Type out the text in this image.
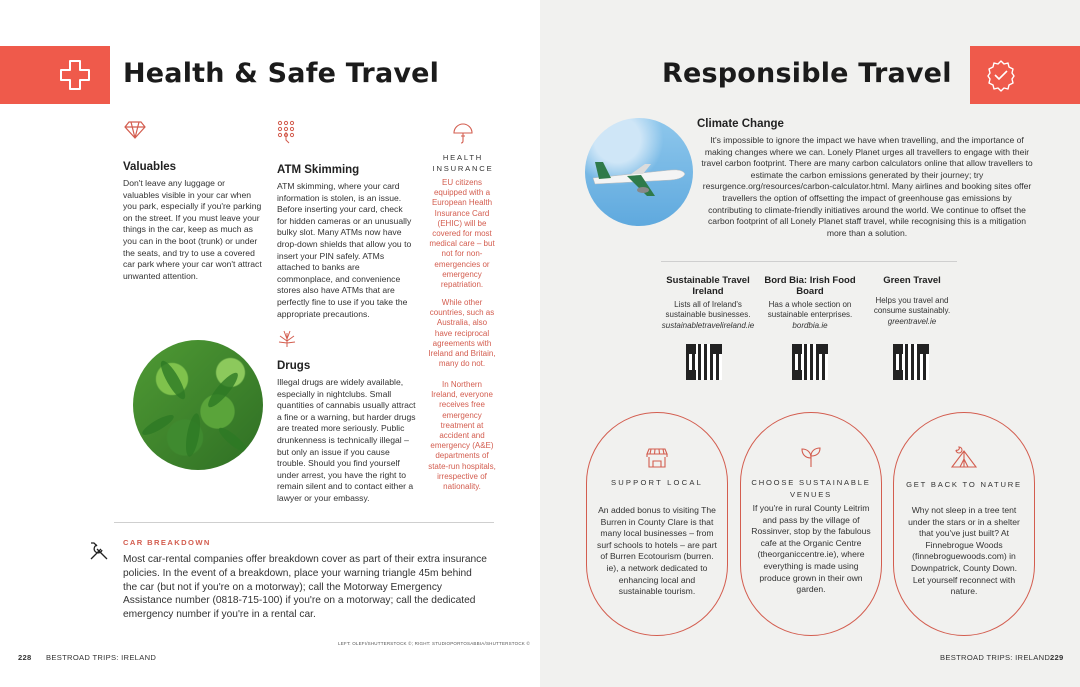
Health & Safe Travel
Valuables
Don't leave any luggage or valuables visible in your car when you park, especially if you're parking on the street. If you must leave your things in the car, keep as much as you can in the boot (trunk) or under the seats, and try to use a covered car park where your car won't attract unwanted attention.
ATM Skimming
ATM skimming, where your card information is stolen, is an issue. Before inserting your card, check for hidden cameras or an unusually bulky slot. Many ATMs now have drop-down shields that allow you to insert your PIN safely. ATMs attached to banks are commonplace, and convenience stores also have ATMs that are perfectly fine to use if you take the appropriate precautions.
Drugs
Illegal drugs are widely available, especially in nightclubs. Small quantities of cannabis usually attract a fine or a warning, but harder drugs are treated more seriously. Public drunkenness is technically illegal – but only an issue if you cause trouble. Should you find yourself under arrest, you have the right to remain silent and to contact either a lawyer or your embassy.
HEALTH INSURANCE
EU citizens equipped with a European Health Insurance Card (EHIC) will be covered for most medical care – but not for non-emergencies or emergency repatriation.
While other countries, such as Australia, also have reciprocal agreements with Ireland and Britain, many do not.
In Northern Ireland, everyone receives free emergency treatment at accident and emergency (A&E) departments of state-run hospitals, irrespective of nationality.
CAR BREAKDOWN
Most car-rental companies offer breakdown cover as part of their extra insurance policies. In the event of a breakdown, place your warning triangle 45m behind the car (but not if you're on a motorway); call the Motorway Emergency Assistance number (0818-715-100) if you're on a motorway; call the dedicated emergency number if you're in a rental car.
LEFT: OLEFI/SHUTTERSTOCK ©; RIGHT: STUDIOPORTOSABBIA/SHUTTERSTOCK ©
228 BESTROAD TRIPS: IRELAND
Responsible Travel
Climate Change
It's impossible to ignore the impact we have when travelling, and the importance of making changes where we can. Lonely Planet urges all travellers to engage with their travel carbon footprint. There are many carbon calculators online that allow travellers to estimate the carbon emissions generated by their journey; try resurgence.org/resources/carbon-calculator.html. Many airlines and booking sites offer travellers the option of offsetting the impact of greenhouse gas emissions by contributing to climate-friendly initiatives around the world. We continue to offset the carbon footprint of all Lonely Planet staff travel, while recognising this is a mitigation more than a solution.
Sustainable Travel Ireland
Lists all of Ireland's sustainable businesses.
sustainabletravelireland.ie
Bord Bia: Irish Food Board
Has a whole section on sustainable enterprises.
bordbia.ie
Green Travel
Helps you travel and consume sustainably.
greentravel.ie
SUPPORT LOCAL
An added bonus to visiting The Burren in County Clare is that many local businesses – from surf schools to hotels – are part of Burren Ecotourism (burren. ie), a network dedicated to enhancing local and sustainable tourism.
CHOOSE SUSTAINABLE VENUES
If you're in rural County Leitrim and pass by the village of Rossinver, stop by the fabulous cafe at the Organic Centre (theorganiccentre.ie), where everything is made using produce grown in their own garden.
GET BACK TO NATURE
Why not sleep in a tree tent under the stars or in a shelter that you've just built? At Finnebrogue Woods (finnebroguewoods.com) in Downpatrick, County Down. Let yourself reconnect with nature.
BESTROAD TRIPS: IRELAND 229
